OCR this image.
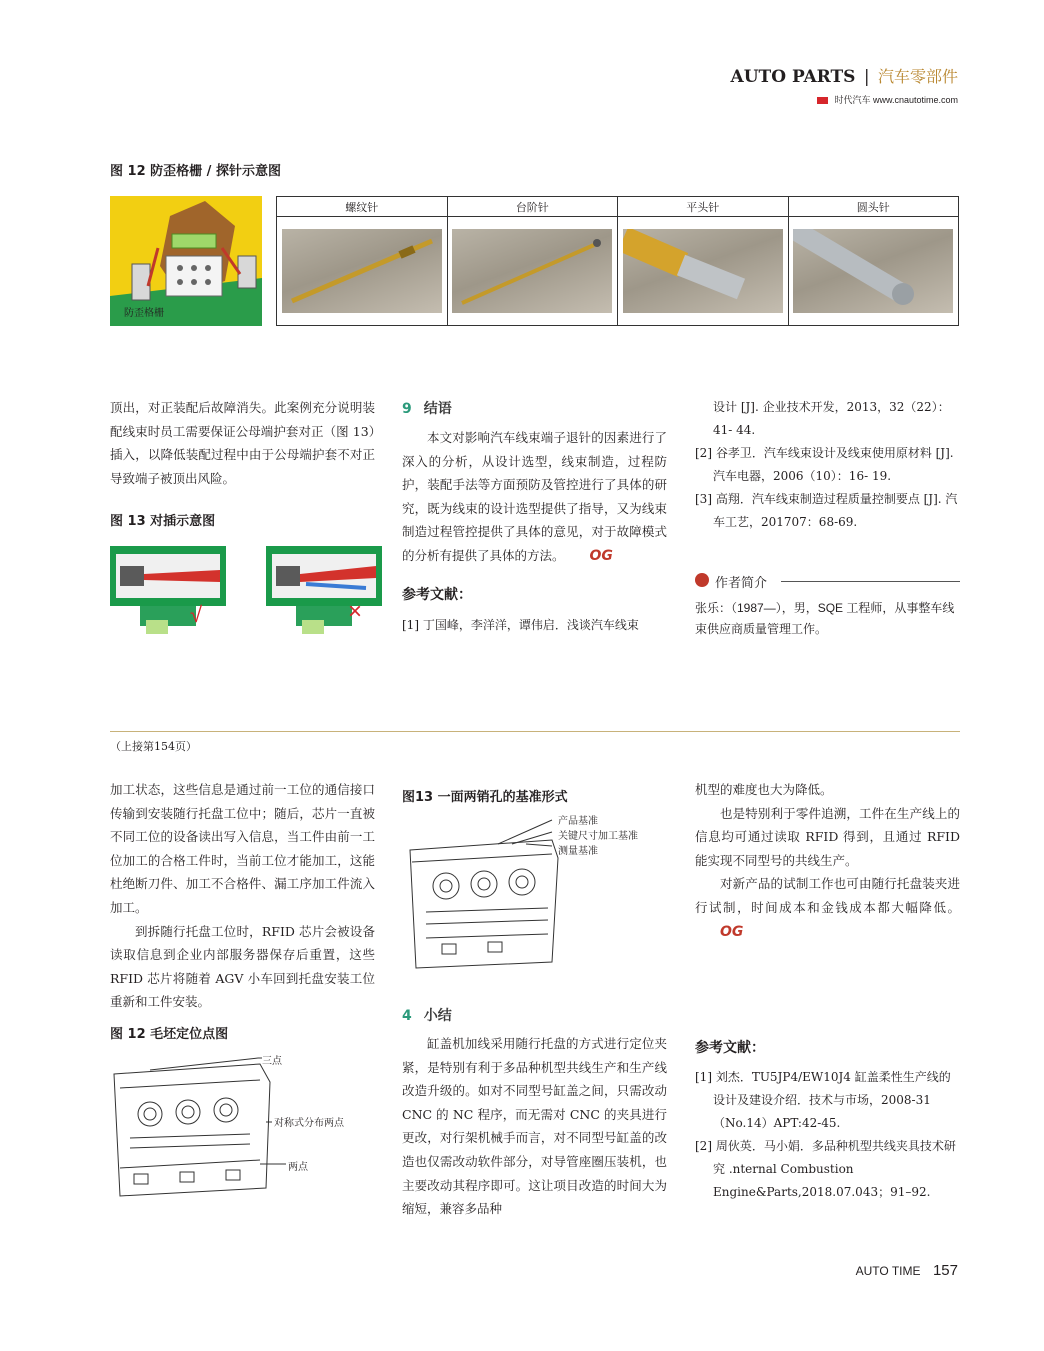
AUTO PARTS | 汽车零部件
时代汽车 www.cnautotime.com
图 12 防歪格栅 / 探针示意图
防歪格栅
螺纹针	台阶针	平头针	圆头针

顶出，对正装配后故障消失。此案例充分说明装配线束时员工需要保证公母端护套对正（图 13）插入，以降低装配过程中由于公母端护套不对正导致端子被顶出风险。

图 13 对插示意图
√	×
9 结语

本文对影响汽车线束端子退针的因素进行了深入的分析，从设计选型，线束制造，过程防护，装配手法等方面预防及管控进行了具体的研究，既为线束的设计选型提供了指导，又为线束制造过程管控提供了具体的意见，对于故障模式的分析有提供了具体的方法。 OG

参考文献：
[1] 丁国峰，李洋洋，谭伟启．浅谈汽车线束

设计 [J]. 企业技术开发，2013，32（22）：41- 44.

[2] 谷孝卫．汽车线束设计及线束使用原材料 [J]. 汽车电器，2006（10）：16- 19.

[3] 高翔．汽车线束制造过程质量控制要点 [J]. 汽车工艺，201707：68-69.

作者简介
张乐：（1987—），男，SQE 工程师，从事整车线束供应商质量管理工作。
（上接第154页）

加工状态，这些信息是通过前一工位的通信接口传输到安装随行托盘工位中；随后，芯片一直被不同工位的设备读出写入信息，当工件由前一工位加工的合格工件时，当前工位才能加工，这能杜绝断刀件、加工不合格件、漏工序加工件流入加工。

到拆随行托盘工位时，RFID 芯片会被设备读取信息到企业内部服务器保存后重置，这些 RFID 芯片将随着 AGV 小车回到托盘安装工位重新和工件安装。

图 12 毛坯定位点图
三点
对称式分布两点
两点
图13 一面两销孔的基准形式
产品基准
关键尺寸加工基准
测量基准
4 小结

缸盖机加线采用随行托盘的方式进行定位夹紧，是特别有利于多品种机型共线生产和生产线改造升级的。如对不同型号缸盖之间，只需改动 CNC 的 NC 程序，而无需对 CNC 的夹具进行更改，对行架机械手而言，对不同型号缸盖的改造也仅需改动软件部分，对导管座圈压装机，也主要改动其程序即可。这让项目改造的时间大为缩短，兼容多品种

机型的难度也大为降低。

也是特别利于零件追溯，工件在生产线上的信息均可通过读取 RFID 得到，且通过 RFID 能实现不同型号的共线生产。

对新产品的试制工作也可由随行托盘装夹进行试制，时间成本和金钱成本都大幅降低。OG

参考文献：

[1] 刘杰．TU5JP4/EW10J4 缸盖柔性生产线的设计及建设介绍．技术与市场，2008-31（No.14）APT:42-45.

[2] 周伙英．马小娟．多品种机型共线夹具技术研究 .nternal Combustion Engine&Parts,2018.07.043；91–92.

AUTO TIME 157
